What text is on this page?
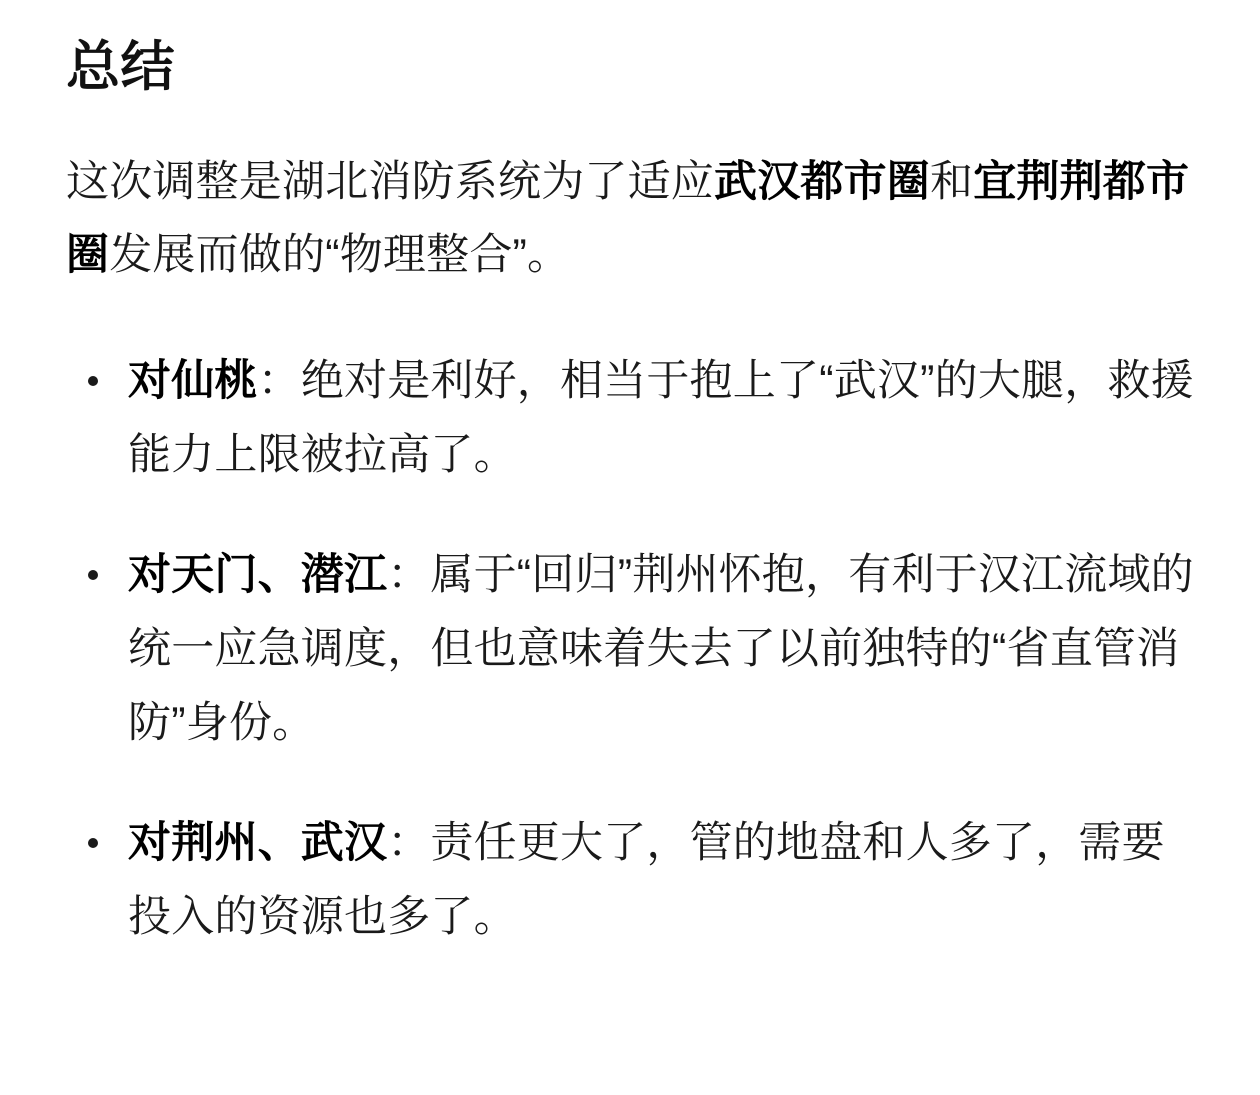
总结

这次调整是湖北消防系统为了适应武汉都市圈和宜荆荆都市圈发展而做的“物理整合”。

对仙桃：绝对是利好，相当于抱上了“武汉”的大腿，救援能力上限被拉高了。
对天门、潜江：属于“回归”荆州怀抱，有利于汉江流域的统一应急调度，但也意味着失去了以前独特的“省直管消防”身份。
对荆州、武汉：责任更大了，管的地盘和人多了，需要投入的资源也多了。
